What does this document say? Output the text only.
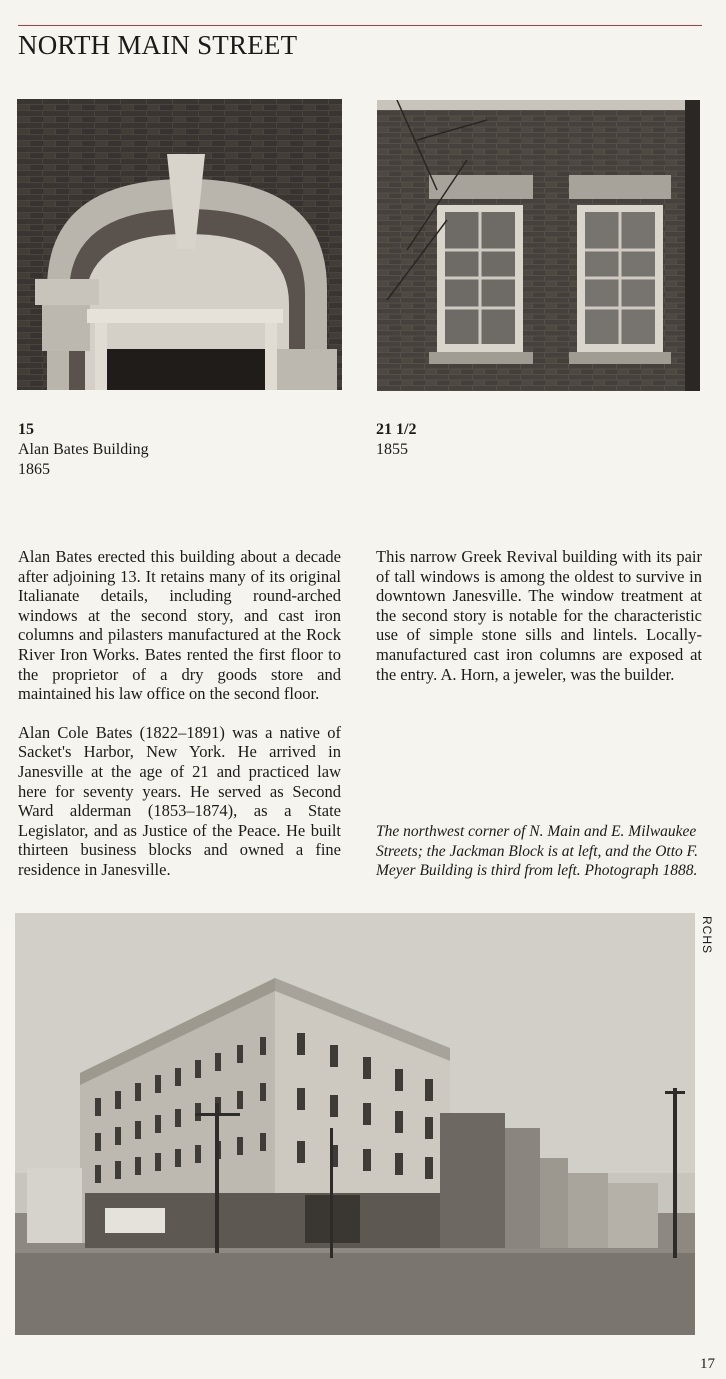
NORTH MAIN STREET
15
Alan Bates Building
1865
21 1/2
1855

Alan Bates erected this building about a decade after adjoining 13. It retains many of its original Italianate details, including round-arched windows at the second story, and cast iron columns and pilasters manufactured at the Rock River Iron Works. Bates rented the first floor to the proprietor of a dry goods store and maintained his law office on the second floor.

Alan Cole Bates (1822–1891) was a native of Sacket's Harbor, New York. He arrived in Janesville at the age of 21 and practiced law here for seventy years. He served as Second Ward alderman (1853–1874), as a State Legislator, and as Justice of the Peace. He built thirteen business blocks and owned a fine residence in Janesville.

This narrow Greek Revival building with its pair of tall windows is among the oldest to survive in downtown Janesville. The window treatment at the second story is notable for the characteristic use of simple stone sills and lintels. Locally-manufactured cast iron columns are exposed at the entry. A. Horn, a jeweler, was the builder.

The northwest corner of N. Main and E. Milwaukee Streets; the Jackman Block is at left, and the Otto F. Meyer Building is third from left. Photograph 1888.
RCHS
17
